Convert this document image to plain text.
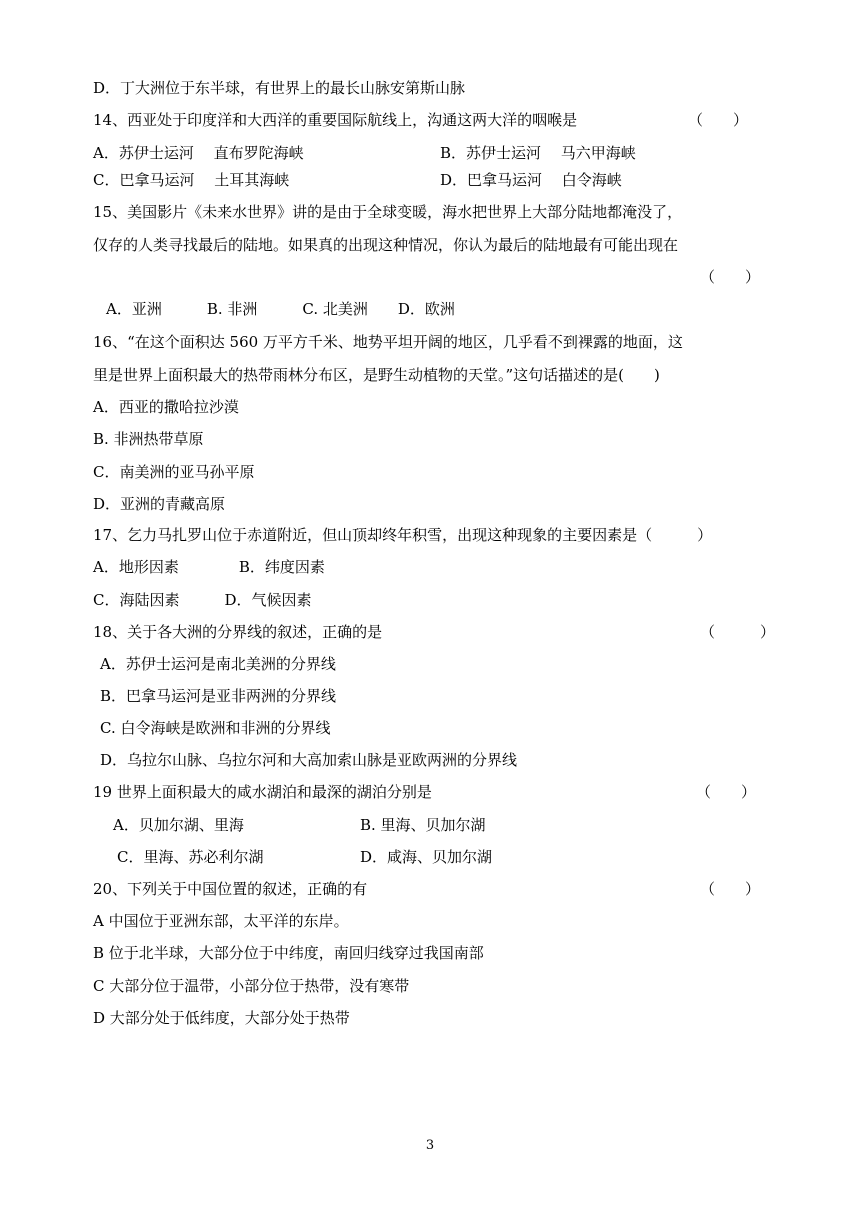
D．丁大洲位于东半球，有世界上的最长山脉安第斯山脉
14、西亚处于印度洋和大西洋的重要国际航线上，沟通这两大洋的咽喉是	（　　）
A．苏伊士运河　 直布罗陀海峡	B．苏伊士运河　 马六甲海峡
C．巴拿马运河　 土耳其海峡	D．巴拿马运河　 白令海峡
15、美国影片《未来水世界》讲的是由于全球变暖，海水把世界上大部分陆地都淹没了，
仅存的人类寻找最后的陆地。如果真的出现这种情况，你认为最后的陆地最有可能出现在
（　　）
A．亚洲　　　B. 非洲　　　C. 北美洲　　D．欧洲
16、“在这个面积达 560 万平方千米、地势平坦开阔的地区，几乎看不到裸露的地面，这
里是世界上面积最大的热带雨林分布区，是野生动植物的天堂。”这句话描述的是(　　)
A．西亚的撒哈拉沙漠
B. 非洲热带草原
C．南美洲的亚马孙平原
D．亚洲的青藏高原
17、乞力马扎罗山位于赤道附近，但山顶却终年积雪，出现这种现象的主要因素是（　　　）
A．地形因素　　　　B．纬度因素
C．海陆因素　　　D．气候因素
18、关于各大洲的分界线的叙述，正确的是	（　　　）
A．苏伊士运河是南北美洲的分界线
B．巴拿马运河是亚非两洲的分界线
C. 白令海峡是欧洲和非洲的分界线
D．乌拉尔山脉、乌拉尔河和大高加索山脉是亚欧两洲的分界线
19 世界上面积最大的咸水湖泊和最深的湖泊分别是	（　　）
A．贝加尔湖、里海	B. 里海、贝加尔湖
C．里海、苏必利尔湖	D．咸海、贝加尔湖
20、下列关于中国位置的叙述，正确的有	（　　）
A 中国位于亚洲东部，太平洋的东岸。
B 位于北半球，大部分位于中纬度，南回归线穿过我国南部
C 大部分位于温带，小部分位于热带，没有寒带
D 大部分处于低纬度，大部分处于热带
3
